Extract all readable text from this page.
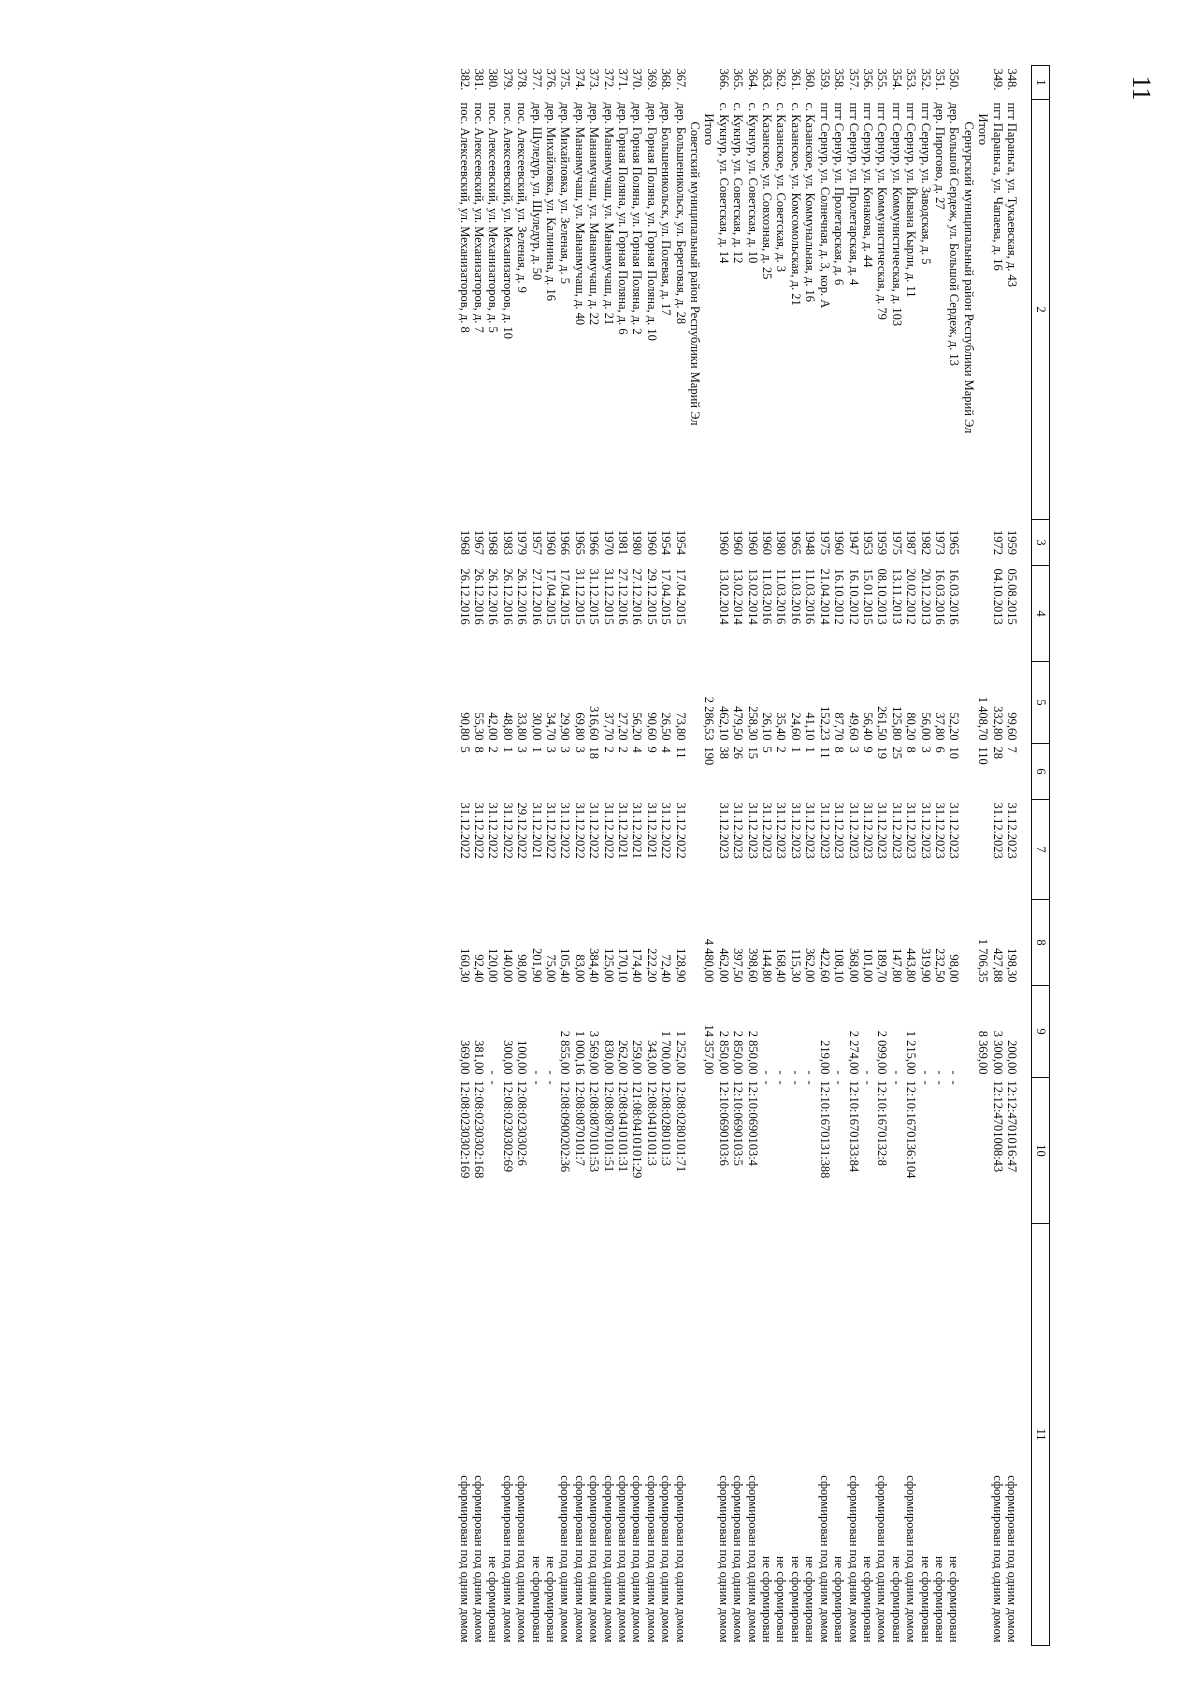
11
1	2	3	4	5	6	7	8	9	10	11

348.	пгт Параньга, ул. Тукаевская, д. 43	1959	05.08.2015	99,60	7	31.12.2023	198,30	200,00	12:12:4701016:47	сформирован под одним домом
349.	пгт Параньга, ул. Чапаева, д. 16	1972	04.10.2013	332,80	28	31.12.2023	427,88	3 300,00	12:12:4701008:43	сформирован под одним домом
	Итого			1 408,70	110		1 706,35	8 369,00		
	Сернурский муниципальный район Республики Марий Эл									
350.	дер. Большой Сердеж, ул. Большой Сердеж, д. 13	1965	16.03.2016	52,20	10	31.12.2023	98,00	-	-	не сформирован
351.	дер. Пирогово, д. 27	1973	16.03.2016	37,80	6	31.12.2023	232,50	-	-	не сформирован
352.	пгт Сернур, ул. Заводская, д. 5	1982	20.12.2013	56,00	3	31.12.2023	319,90	-	-	не сформирован
353.	пгт Сернур, ул. Йывана Кырли, д. 11	1987	20.02.2012	80,20	8	31.12.2023	443,80	1 215,00	12:10:1670136:104	сформирован под одним домом
354.	пгт Сернур, ул. Коммунистическая, д. 103	1975	13.11.2013	125,80	25	31.12.2023	147,80	-	-	не сформирован
355.	пгт Сернур, ул. Коммунистическая, д. 79	1959	08.10.2013	261,50	19	31.12.2023	189,70	2 099,00	12:10:1670132:8	сформирован под одним домом
356.	пгт Сернур, ул. Конакова, д. 44	1953	15.01.2015	56,40	9	31.12.2023	101,00	-	-	не сформирован
357.	пгт Сернур, ул. Пролетарская, д. 4	1947	16.10.2012	49,60	3	31.12.2023	368,00	2 274,00	12:10:1670133:84	сформирован под одним домом
358.	пгт Сернур, ул. Пролетарская, д. 6	1960	16.10.2012	87,70	8	31.12.2023	108,10	-	-	не сформирован
359.	пгт Сернур, ул. Солнечная, д. 3, кор. А	1975	21.04.2014	152,23	11	31.12.2023	422,60	219,00	12:10:1670131:388	сформирован под одним домом
360.	с. Казанское, ул. Коммунальная, д. 16	1948	11.03.2016	41,10	1	31.12.2023	362,00	-	-	не сформирован
361.	с. Казанское, ул. Комсомольская, д. 21	1965	11.03.2016	24,60	1	31.12.2023	115,30	-	-	не сформирован
362.	с. Казанское, ул. Советская, д. 3	1980	11.03.2016	35,40	2	31.12.2023	168,40	-	-	не сформирован
363.	с. Казанское, ул. Совхозная, д. 25	1960	11.03.2016	26,10	5	31.12.2023	144,80	-	-	не сформирован
364.	с. Кукнур, ул. Советская, д. 10	1960	13.02.2014	258,30	15	31.12.2023	398,60	2 850,00	12:10:0690103:4	сформирован под одним домом
365.	с. Кукнур, ул. Советская, д. 12	1960	13.02.2014	479,50	26	31.12.2023	397,50	2 850,00	12:10:0690103:5	сформирован под одним домом
366.	с. Кукнур, ул. Советская, д. 14	1960	13.02.2014	462,10	38	31.12.2023	462,00	2 850,00	12:10:0690103:6	сформирован под одним домом
	Итого			2 286,53	190		4 480,00	14 357,00		
	Советский муниципальный район Республики Марий Эл									
367.	дер. Большеникольск, ул. Береговая, д. 28	1954	17.04.2015	73,80	11	31.12.2022	128,90	1 252,00	12:08:0280101:71	сформирован под одним домом
368.	дер. Большеникольск, ул. Полевая, д. 17	1954	17.04.2015	26,50	4	31.12.2022	72,40	1 700,00	12:08:0280101:3	сформирован под одним домом
369.	дер. Горная Поляна, ул. Горная Поляна, д. 10	1960	29.12.2015	90,60	9	31.12.2021	222,20	343,00	12:08:0410101:3	сформирован под одним домом
370.	дер. Горная Поляна, ул. Горная Поляна, д. 2	1980	27.12.2016	56,20	4	31.12.2021	174,40	259,00	121:08:0410101:29	сформирован под одним домом
371.	дер. Горная Поляна, ул. Горная Поляна, д. 6	1981	27.12.2016	27,20	2	31.12.2021	170,10	262,00	12:08:0410101:31	сформирован под одним домом
372.	дер. Мананмучаш, ул. Мананмучаш, д. 21	1970	31.12.2015	37,70	2	31.12.2022	125,00	830,00	12:08:0870101:51	сформирован под одним домом
373.	дер. Мананмучаш, ул. Мананмучаш, д. 22	1966	31.12.2015	316,60	18	31.12.2022	384,40	3 569,00	12:08:0870101:53	сформирован под одним домом
374.	дер. Мананмучаш, ул. Мананмучаш, д. 40	1965	31.12.2015	69,80	3	31.12.2022	83,00	1 000,16	12:08:0870101:7	сформирован под одним домом
375.	дер. Михайловка, ул. Зеленая, д. 5	1966	17.04.2015	29,90	3	31.12.2022	105,40	2 855,00	12:08:0900202:36	сформирован под одним домом
376.	дер. Михайловка, ул. Калинина, д. 16	1960	17.04.2015	34,70	3	31.12.2022	75,00	-	-	не сформирован
377.	дер. Шуледур, ул. Шуледур, д. 50	1957	27.12.2016	30,00	1	31.12.2021	201,90	-	-	не сформирован
378.	пос. Алексеевский, ул. Зеленая, д. 9	1979	26.12.2016	33,80	3	29.12.2022	98,00	100,00	12:08:0230302:6	сформирован под одним домом
379.	пос. Алексеевский, ул. Механизаторов, д. 10	1983	26.12.2016	48,80	1	31.12.2022	140,00	300,00	12:08:0230302:69	сформирован под одним домом
380.	пос. Алексеевский, ул. Механизаторов, д. 5	1968	26.12.2016	42,00	2	31.12.2022	120,00	-	-	не сформирован
381.	пос. Алексеевский, ул. Механизаторов, д. 7	1967	26.12.2016	55,30	8	31.12.2022	92,40	381,00	12:08:0230302:168	сформирован под одним домом
382.	пос. Алексеевский, ул. Механизаторов, д. 8	1968	26.12.2016	90,80	5	31.12.2022	160,30	369,00	12:08:0230302:169	сформирован под одним домом
